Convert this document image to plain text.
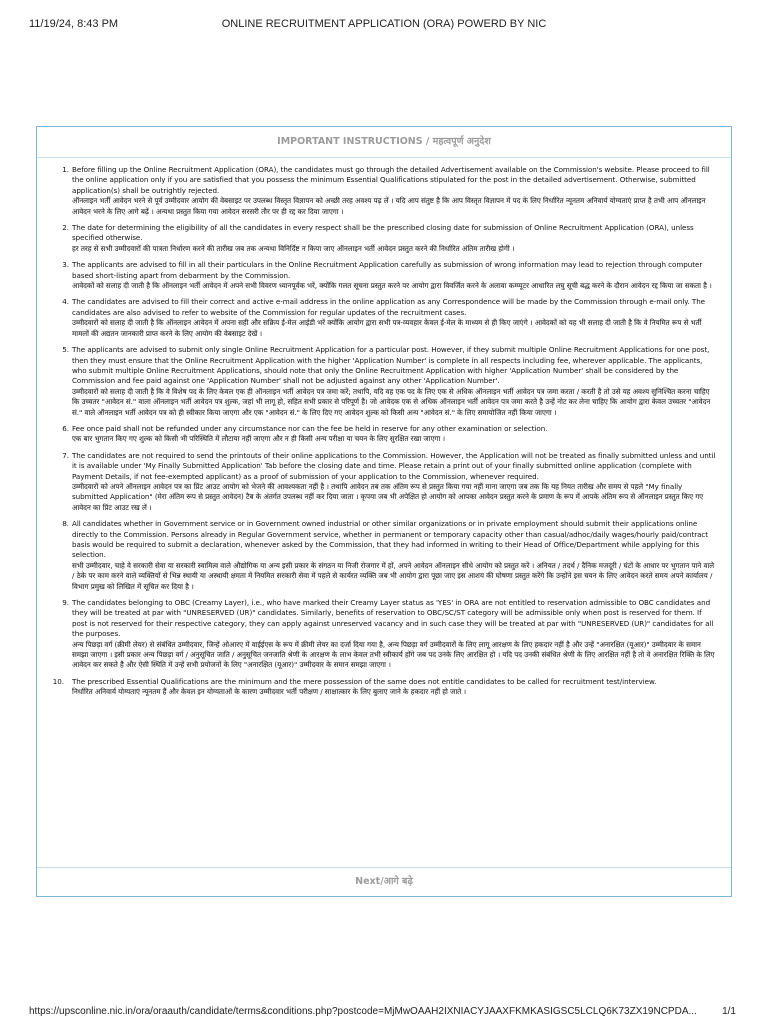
11/19/24, 8:43 PM	ONLINE RECRUITMENT APPLICATION (ORA) POWERD BY NIC
IMPORTANT INSTRUCTIONS / महत्वपूर्ण अनुदेश
1. Before filling up the Online Recruitment Application (ORA), the candidates must go through the detailed Advertisement available on the Commission's website. Please proceed to fill the online application only if you are satisfied that you possess the minimum Essential Qualifications stipulated for the post in the detailed advertisement. Otherwise, submitted application(s) shall be outrightly rejected.
ऑनलाइन भर्ती आवेदन भरने से पूर्व उम्मीदवार आयोग की वेबसाइट पर उपलब्ध विस्तृत विज्ञापन को अच्छी तरह अवश्य पढ़ लें । यदि आप संतुष्ट है कि आप विस्तृत विज्ञापन में पद के लिए निर्धारित न्यूनतम अनिवार्य योग्यताएं प्राप्त है तभी आप ऑनलाइन आवेदन भरने के लिए आगे बढ़ें । अन्यथा प्रस्तुत किया गया आवेदन सरसरी तौर पर ही रद्द कर दिया जाएगा ।
2. The date for determining the eligibility of all the candidates in every respect shall be the prescribed closing date for submission of Online Recruitment Application (ORA), unless specified otherwise.
हर तरह से सभी उम्मीदवारों की पात्रता निर्धारण करने की तारीख जब तक अन्यथा विनिर्दिष्ट न किया जाए ऑनलाइन भर्ती आवेदन प्रस्तुत करने की निर्धारित अंतिम तारीख होगी ।
3. The applicants are advised to fill in all their particulars in the Online Recruitment Application carefully as submission of wrong information may lead to rejection through computer based short-listing apart from debarment by the Commission.
आवेदकों को सलाह दी जाती है कि ऑनलाइन भर्ती आवेदन में अपने सभी विवरण ध्यानपूर्वक भरें, क्योंकि गलत सूचना प्रस्तुत करने पर आयोग द्वारा विवर्जित करने के अलावा कम्प्यूटर आधारित लघु सूची बद्ध करने के दौरान आवेदन रद्द किया जा सकता है ।
4. The candidates are advised to fill their correct and active e-mail address in the online application as any Correspondence will be made by the Commission through e-mail only. The candidates are also advised to refer to website of the Commission for regular updates of the recruitment cases.
उम्मीदवारों को सलाह दी जाती है कि ऑनलाइन आवेदन में अपना सही और सक्रिय ई-मेल आईडी भरें क्योंकि आयोग द्वारा सभी पत्र-व्यवहार केवल ई-मेल के माध्यम से ही किए जाएंगे । आवेदकों को यह भी सलाह दी जाती है कि वे नियमित रूप से भर्ती मामलों की अद्यतन जानकारी प्राप्त करने के लिए आयोग की वेबसाइट देखें ।
5. The applicants are advised to submit only single Online Recruitment Application for a particular post. However, if they submit multiple Online Recruitment Applications for one post, then they must ensure that the Online Recruitment Application with the higher 'Application Number' is complete in all respects including fee, wherever applicable. The applicants, who submit multiple Online Recruitment Applications, should note that only the Online Recruitment Application with higher 'Application Number' shall be considered by the Commission and fee paid against one 'Application Number' shall not be adjusted against any other 'Application Number'.
उम्मीदवारों को सलाह दी जाती है कि वे विशेष पद के लिए केवल एक ही ऑनलाइन भर्ती आवेदन पत्र जमा करें; तथापि, यदि वह एक पद के लिए एक से अधिक ऑनलाइन भर्ती आवेदन पत्र जमा करता / करती है तो उसे यह अवश्य सुनिश्चित करना चाहिए कि उच्चतर "आवेदन सं." वाला ऑनलाइन भर्ती आवेदन पत्र शुल्क, जहां भी लागू हो, सहित सभी प्रकार से परिपूर्ण है। जो आवेदक एक से अधिक ऑनलाइन भर्ती आवेदन पत्र जमा करते है उन्हें नोट कर लेना चाहिए कि आयोग द्वारा केवल उच्चतर "आवेदन सं." वाले ऑनलाइन भर्ती आवेदन पत्र को ही स्वीकार किया जाएगा और एक "आवेदन सं." के लिए दिए गए आवेदन शुल्क को किसी अन्य "आवेदन सं." के लिए समायोजित नहीं किया जाएगा ।
6. Fee once paid shall not be refunded under any circumstance nor can the fee be held in reserve for any other examination or selection.
एक बार भुगतान किए गए शुल्क को किसी भी परिस्थिति में लौटाया नहीं जाएगा और न ही किसी अन्य परीक्षा या चयन के लिए सुरक्षित रखा जाएगा ।
7. The candidates are not required to send the printouts of their online applications to the Commission. However, the Application will not be treated as finally submitted unless and until it is available under 'My Finally Submitted Application' Tab before the closing date and time. Please retain a print out of your finally submitted online application (complete with Payment Details, if not fee-exempted applicant) as a proof of submission of your application to the Commission, whenever required.
उम्मीदवारों को अपने ऑनलाइन आवेदन पत्र का प्रिंट आउट आयोग को भेजने की आवश्यकता नहीं है । तथापि आवेदन तब तक अंतिम रूप से प्रस्तुत किया गया नहीं माना जाएगा जब तक कि यह नियत तारीख और समय से पहले "My finally submitted Application" (मेरा अंतिम रूप से प्रस्तुत आवेदन) टैब के अंतर्गत उपलब्ध नहीं कर दिया जाता । कृपया जब भी अपेक्षित हो आयोग को आपका आवेदन प्रस्तुत करने के प्रमाण के रूप में आपके अंतिम रूप से ऑनलाइन प्रस्तुत किए गए आवेदन का प्रिंट आउट रख लें ।
8. All candidates whether in Government service or in Government owned industrial or other similar organizations or in private employment should submit their applications online directly to the Commission. Persons already in Regular Government service, whether in permanent or temporary capacity other than casual/adhoc/daily wages/hourly paid/contract basis would be required to submit a declaration, whenever asked by the Commission, that they had informed in writing to their Head of Office/Department while applying for this selection.
सभी उम्मीदवार, चाहे वे सरकारी सेवा या सरकारी स्वामित्व वाले औद्योगिक या अन्य इसी प्रकार के संगठन या निजी रोजगार में हों, अपने आवेदन ऑनलाइन सीधे आयोग को प्रस्तुत करें । अनियत / तदर्थ / दैनिक मजदूरी / घंटों के आधार पर भुगतान पाने वाले / ठेके पर काम करने वाले व्यक्तियों से भिन्न स्थायी या अस्थायी क्षमता में नियमित सरकारी सेवा में पहले से कार्यरत व्यक्ति जब भी आयोग द्वारा पूछा जाए इस आशय की घोषणा प्रस्तुत करेंगे कि उन्होंने इस चयन के लिए आवेदन करते समय अपने कार्यालय / विभाग प्रमुख को लिखित में सूचित कर दिया है ।
9. The candidates belonging to OBC (Creamy Layer), i.e., who have marked their Creamy Layer status as 'YES' in ORA are not entitled to reservation admissible to OBC candidates and they will be treated at par with "UNRESERVED (UR)" candidates. Similarly, benefits of reservation to OBC/SC/ST category will be admissible only when post is reserved for them. If post is not reserved for their respective category, they can apply against unreserved vacancy and in such case they will be treated at par with "UNRESERVED (UR)" candidates for all the purposes.
अन्य पिछड़ा वर्ग (क्रीमी लेयर) से संबंधित उम्मीदवार, जिन्हें ओआरए में वाईईएस के रूप में क्रीमी लेयर का दर्जा दिया गया है, अन्य पिछड़ा वर्ग उम्मीदवारों के लिए लागू आरक्षण के लिए हकदार नहीं है और उन्हें "अनारक्षित (यूआर)" उम्मीदवार के समान समझा जाएगा । इसी प्रकार अन्य पिछड़ा वर्ग / अनुसूचित जाति / अनुसूचित जनजाति श्रेणी के आरक्षण के लाभ केवल तभी स्वीकार्य होंगे जब पद उनके लिए आरक्षित हो । यदि पद उनकी संबंधित श्रेणी के लिए आरक्षित नहीं है तो वे अनारक्षित रिक्ति के लिए आवेदन कर सकते है और ऐसी स्थिति में उन्हें सभी प्रयोजनों के लिए "अनारक्षित (यूआर)" उम्मीदवार के समान समझा जाएगा ।
10. The prescribed Essential Qualifications are the minimum and the mere possession of the same does not entitle candidates to be called for recruitment test/interview.
निर्धारित अनिवार्य योग्यताएं न्यूनतम हैं और केवल इन योग्यताओं के कारण उम्मीदवार भर्ती परीक्षण / साक्षात्कार के लिए बुलाए जाने के हकदार नहीं हो जाते ।
Next/आगे बढ़े
https://upsconline.nic.in/ora/oraauth/candidate/terms&conditions.php?postcode=MjMwOAAH2IXNIACYJAAXFKMKASIGSC5LCLQ6K73ZX19NCPDA...	1/1
